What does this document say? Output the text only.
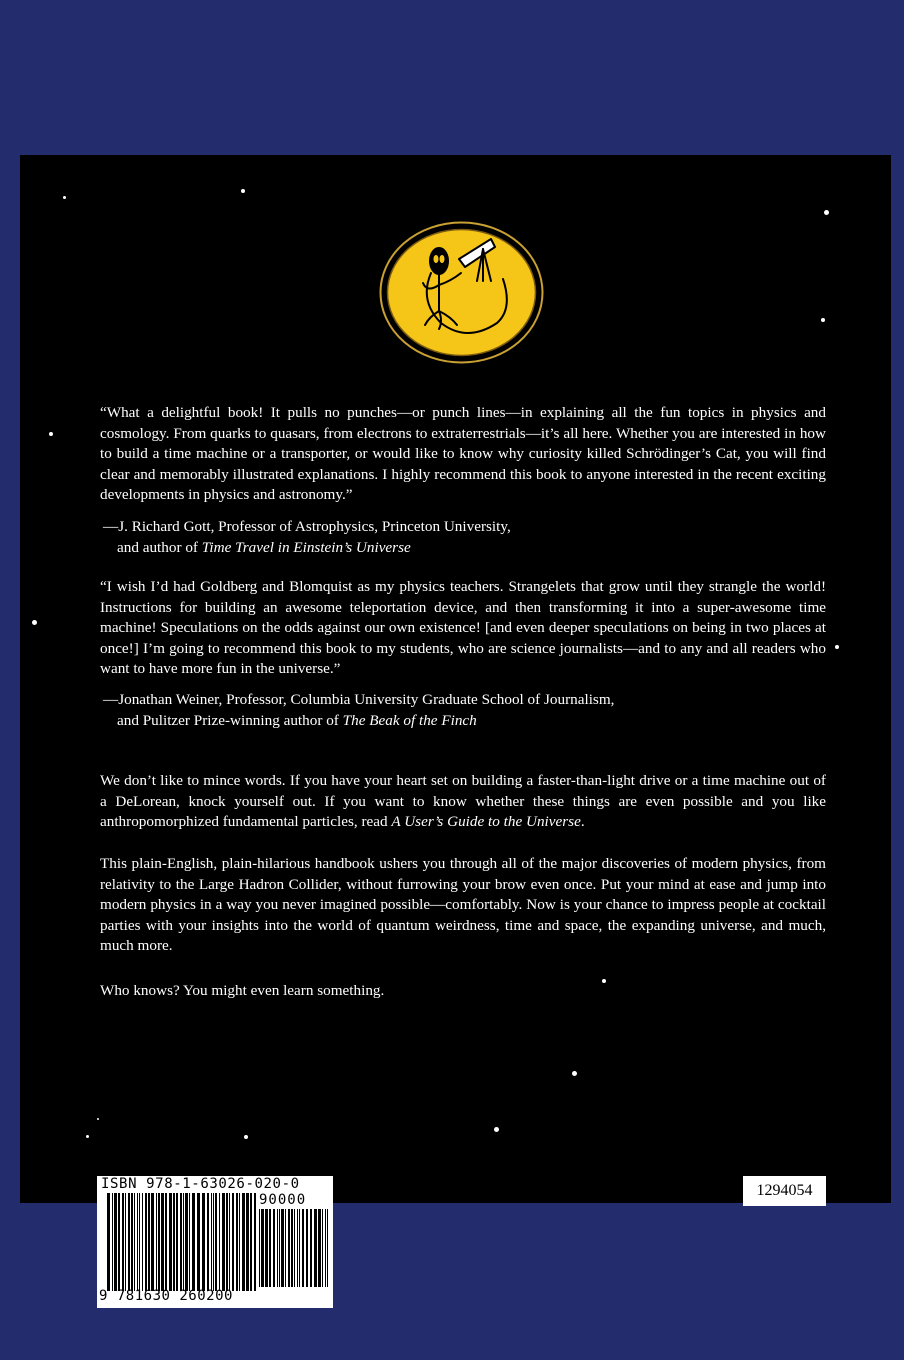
“What a delightful book! It pulls no punches—or punch lines—in explaining all the fun topics in physics and cosmology. From quarks to quasars, from electrons to extraterrestrials—it’s all here. Whether you are interested in how to build a time machine or a transporter, or would like to know why curiosity killed Schrödinger’s Cat, you will find clear and memorably illustrated explanations. I highly recommend this book to anyone interested in the recent exciting developments in physics and astronomy.”

—J. Richard Gott, Professor of Astrophysics, Princeton University,
and author of Time Travel in Einstein’s Universe

“I wish I’d had Goldberg and Blomquist as my physics teachers. Strangelets that grow until they strangle the world! Instructions for building an awesome teleportation device, and then transforming it into a super-awesome time machine! Speculations on the odds against our own existence! [and even deeper speculations on being in two places at once!] I’m going to recommend this book to my students, who are science journalists—and to any and all readers who want to have more fun in the universe.”

—Jonathan Weiner, Professor, Columbia University Graduate School of Journalism,
and Pulitzer Prize-winning author of The Beak of the Finch

We don’t like to mince words. If you have your heart set on building a faster-than-light drive or a time machine out of a DeLorean, knock yourself out. If you want to know whether these things are even possible and you like anthropomorphized fundamental particles, read A User’s Guide to the Universe.

This plain-English, plain-hilarious handbook ushers you through all of the major discoveries of modern physics, from relativity to the Large Hadron Collider, without furrowing your brow even once. Put your mind at ease and jump into modern physics in a way you never imagined possible—comfortably. Now is your chance to impress people at cocktail parties with your insights into the world of quantum weirdness, time and space, the expanding universe, and much, much more.

Who knows? You might even learn something.

ISBN 978-1-63026-020-0
90000
9 781630 260200
1294054
